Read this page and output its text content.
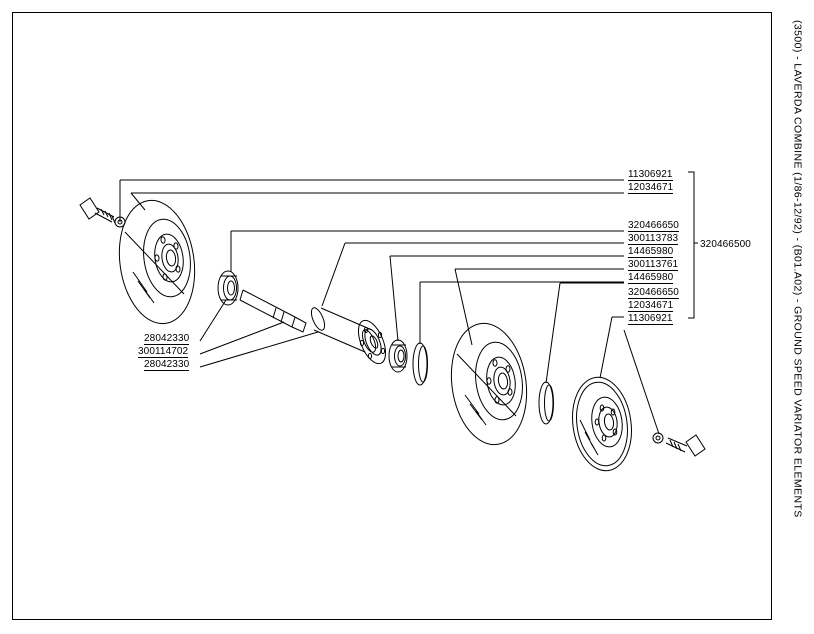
(3500) - LAVERDA COMBINE (1/86-12/92) - (B01.A02) - GROUND SPEED VARIATOR ELEMENTS
11306921
12034671
320466650
300113783
14465980
300113761
14465980
320466650
12034671
11306921
320466500
28042330
300114702
28042330
